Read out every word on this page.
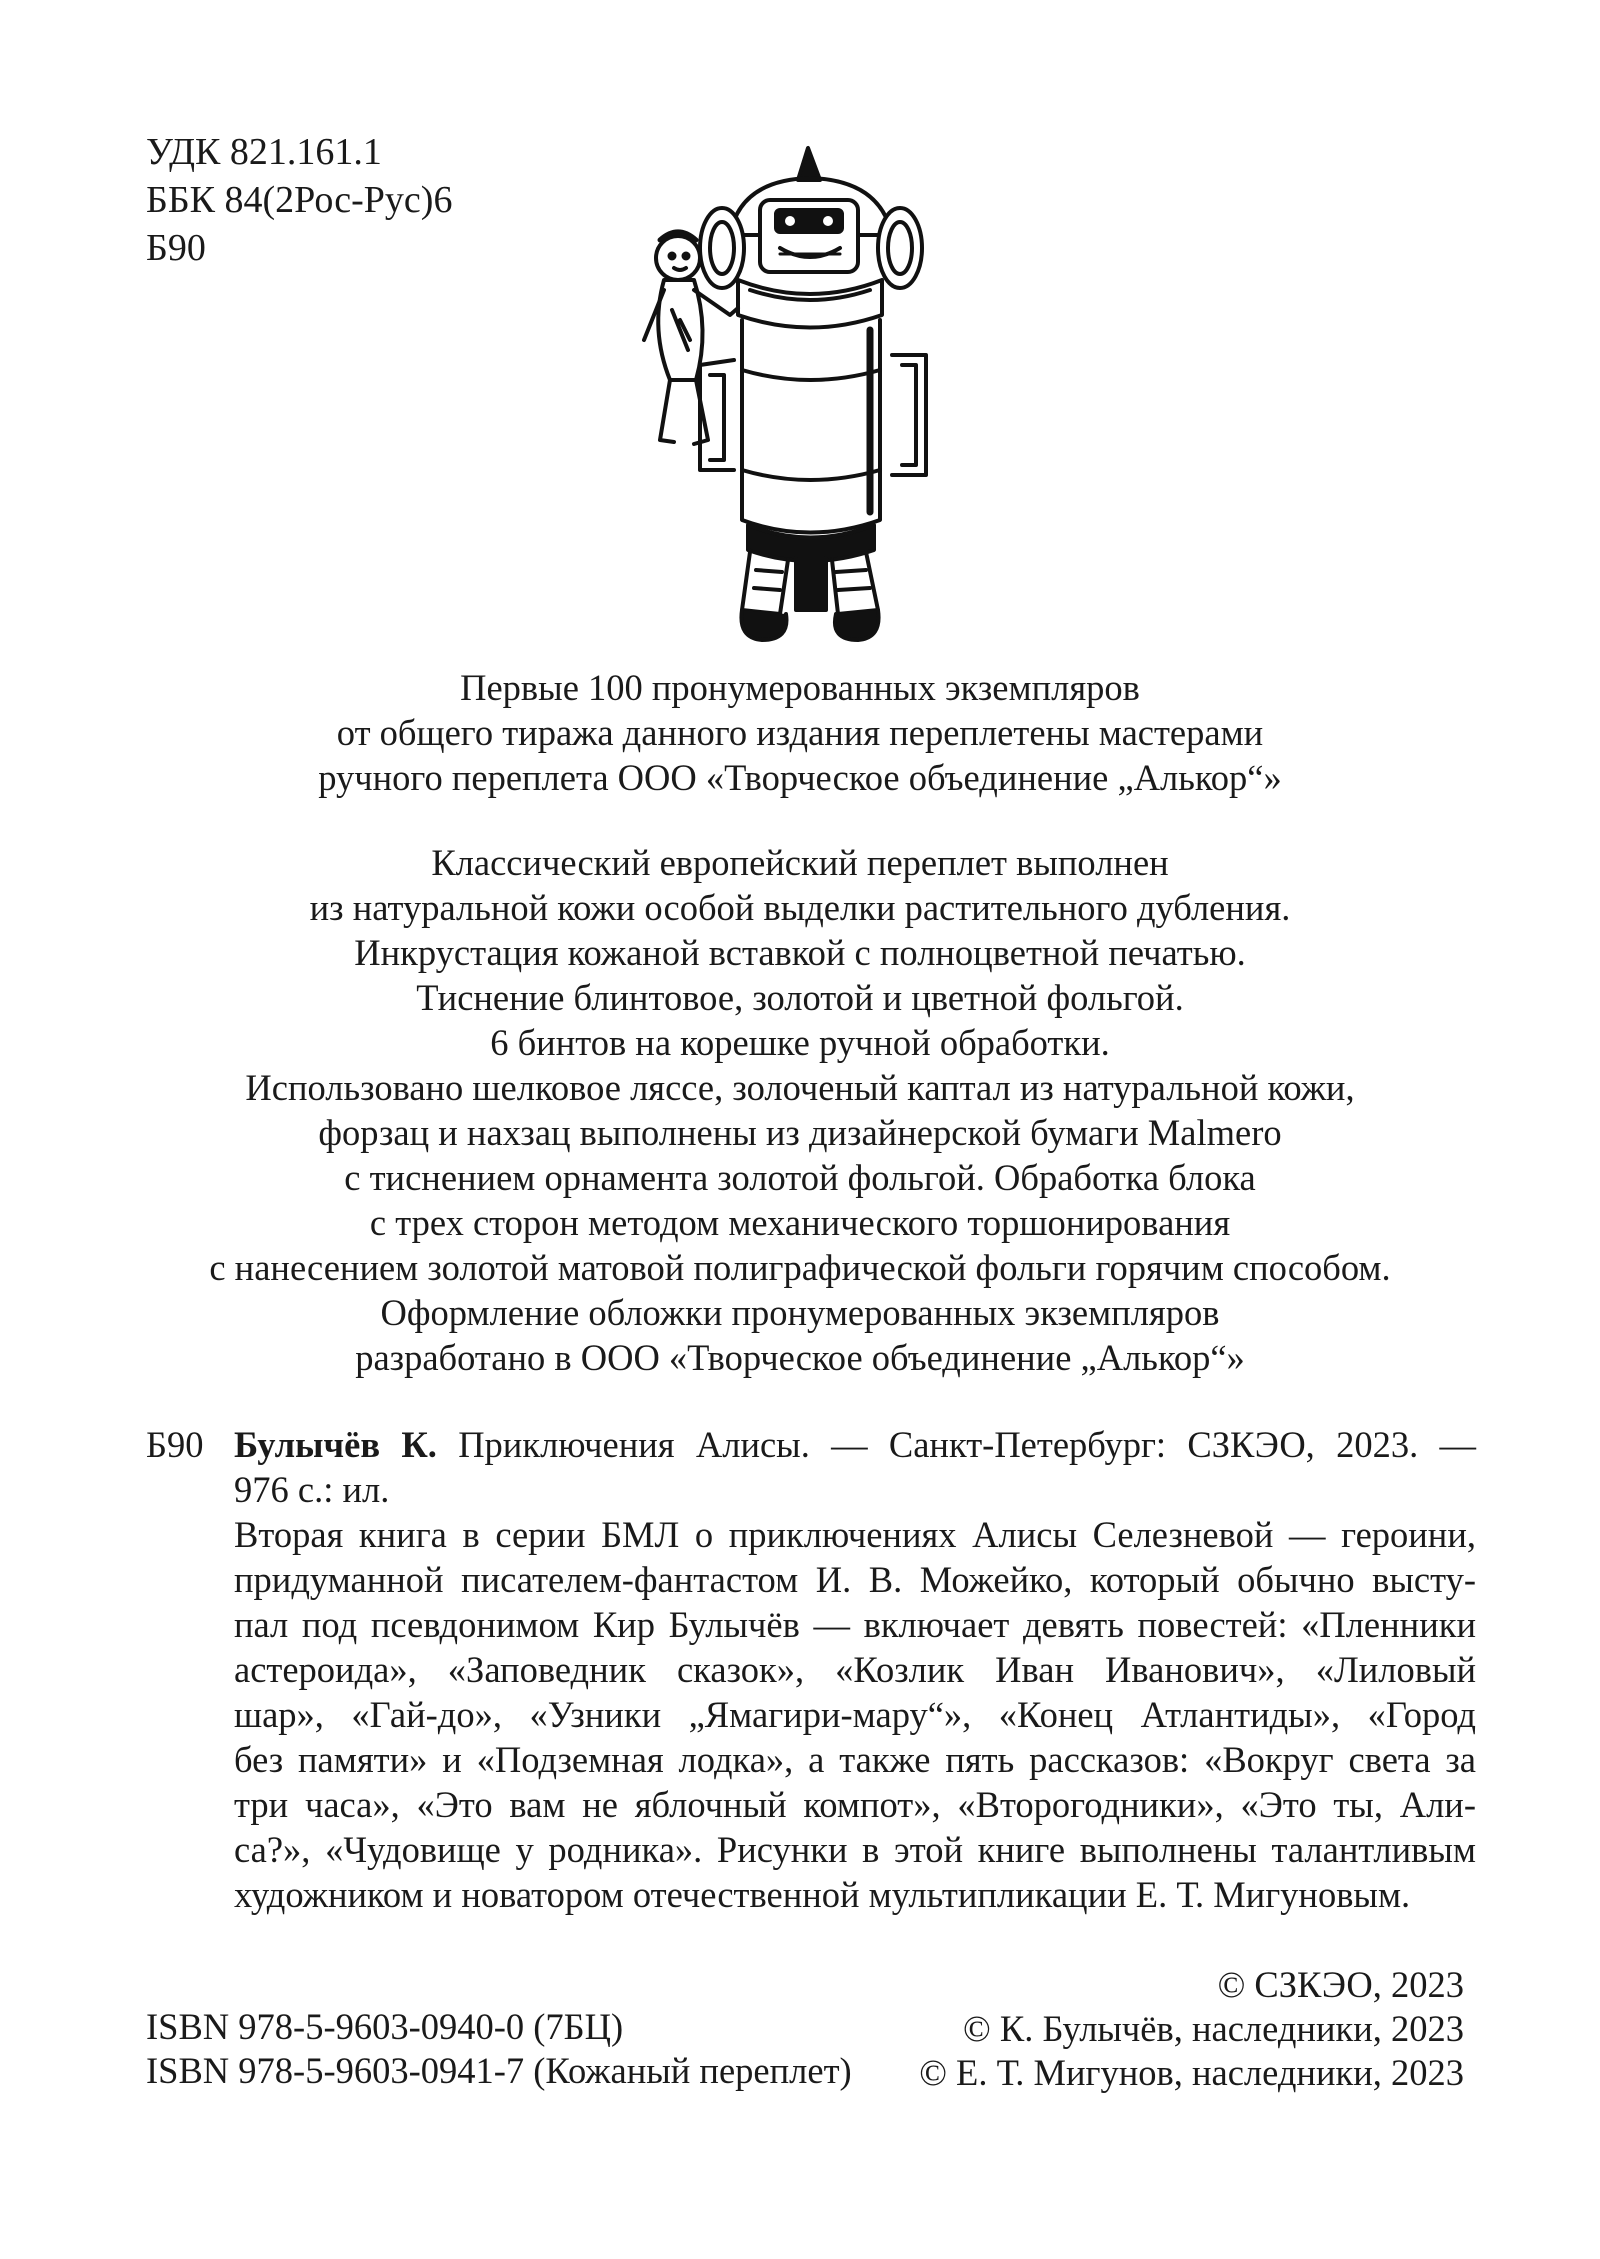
УДК 821.161.1
ББК 84(2Рос-Рус)6
Б90
Первые 100 пронумерованных экземпляров
от общего тиража данного издания переплетены мастерами
ручного переплета ООО «Творческое объединение „Алькор“»
Классический европейский переплет выполнен
из натуральной кожи особой выделки растительного дубления.
Инкрустация кожаной вставкой с полноцветной печатью.
Тиснение блинтовое, золотой и цветной фольгой.
6 бинтов на корешке ручной обработки.
Использовано шелковое ляссе, золоченый каптал из натуральной кожи,
форзац и нахзац выполнены из дизайнерской бумаги Malmero
с тиснением орнамента золотой фольгой. Обработка блока
с трех сторон методом механического торшонирования
с нанесением золотой матовой полиграфической фольги горячим способом.
Оформление обложки пронумерованных экземпляров
разработано в ООО «Творческое объединение „Алькор“»
Б90 Булычёв К. Приключения Алисы. — Санкт-Петербург: СЗКЭО, 2023. —
976 с.: ил.
Вторая книга в серии БМЛ о приключениях Алисы Селезневой — героини,
придуманной писателем-фантастом И. В. Можейко, который обычно высту-
пал под псевдонимом Кир Булычёв — включает девять повестей: «Пленники
астероида», «Заповедник сказок», «Козлик Иван Иванович», «Лиловый
шар», «Гай-до», «Узники „Ямагири-мару“», «Конец Атлантиды», «Город
без памяти» и «Подземная лодка», а также пять рассказов: «Вокруг света за
три часа», «Это вам не яблочный компот», «Второгодники», «Это ты, Али-
са?», «Чудовище у родника». Рисунки в этой книге выполнены талантливым
художником и новатором отечественной мультипликации Е. Т. Мигуновым.
ISBN 978-5-9603-0940-0 (7БЦ)
ISBN 978-5-9603-0941-7 (Кожаный переплет)
© СЗКЭО, 2023
© К. Булычёв, наследники, 2023
© Е. Т. Мигунов, наследники, 2023
